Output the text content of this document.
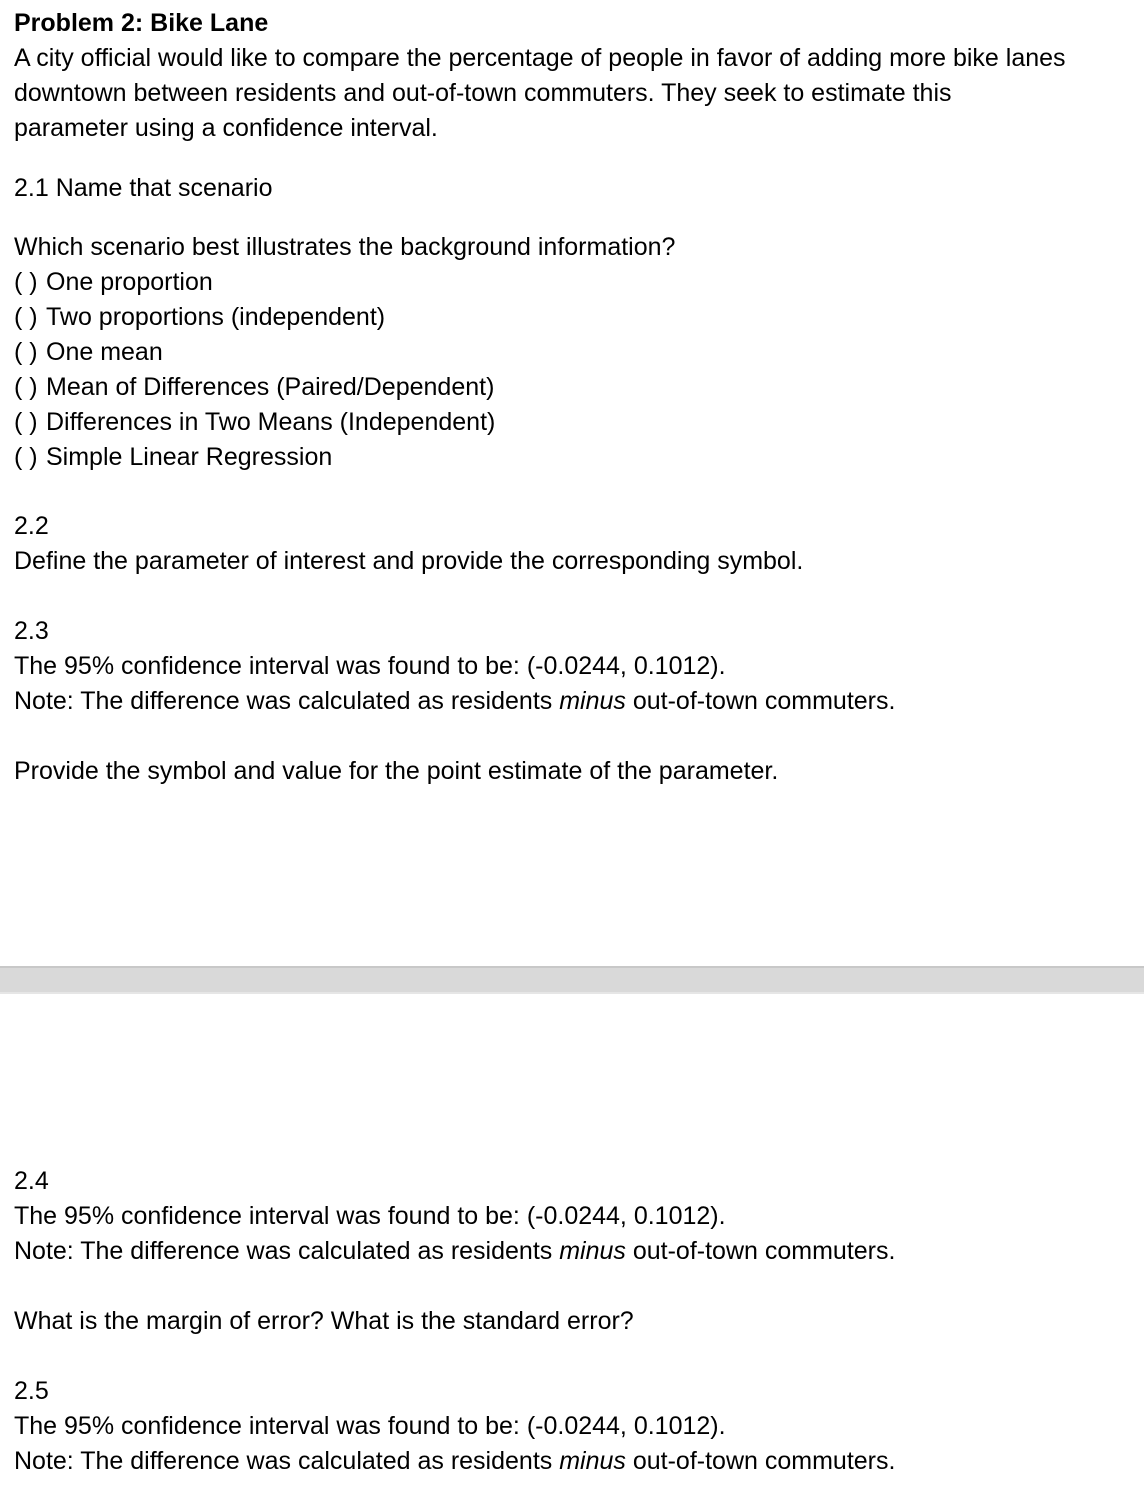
Problem 2: Bike Lane
A city official would like to compare the percentage of people in favor of adding more bike lanes
downtown between residents and out-of-town commuters. They seek to estimate this
parameter using a confidence interval.
2.1 Name that scenario
Which scenario best illustrates the background information?
( ) One proportion
( ) Two proportions (independent)
( ) One mean
( ) Mean of Differences (Paired/Dependent)
( ) Differences in Two Means (Independent)
( ) Simple Linear Regression
2.2
Define the parameter of interest and provide the corresponding symbol.
2.3
The 95% confidence interval was found to be: (-0.0244, 0.1012).
Note: The difference was calculated as residents minus out-of-town commuters.
Provide the symbol and value for the point estimate of the parameter.
2.4
The 95% confidence interval was found to be: (-0.0244, 0.1012).
Note: The difference was calculated as residents minus out-of-town commuters.
What is the margin of error? What is the standard error?
2.5
The 95% confidence interval was found to be: (-0.0244, 0.1012).
Note: The difference was calculated as residents minus out-of-town commuters.
